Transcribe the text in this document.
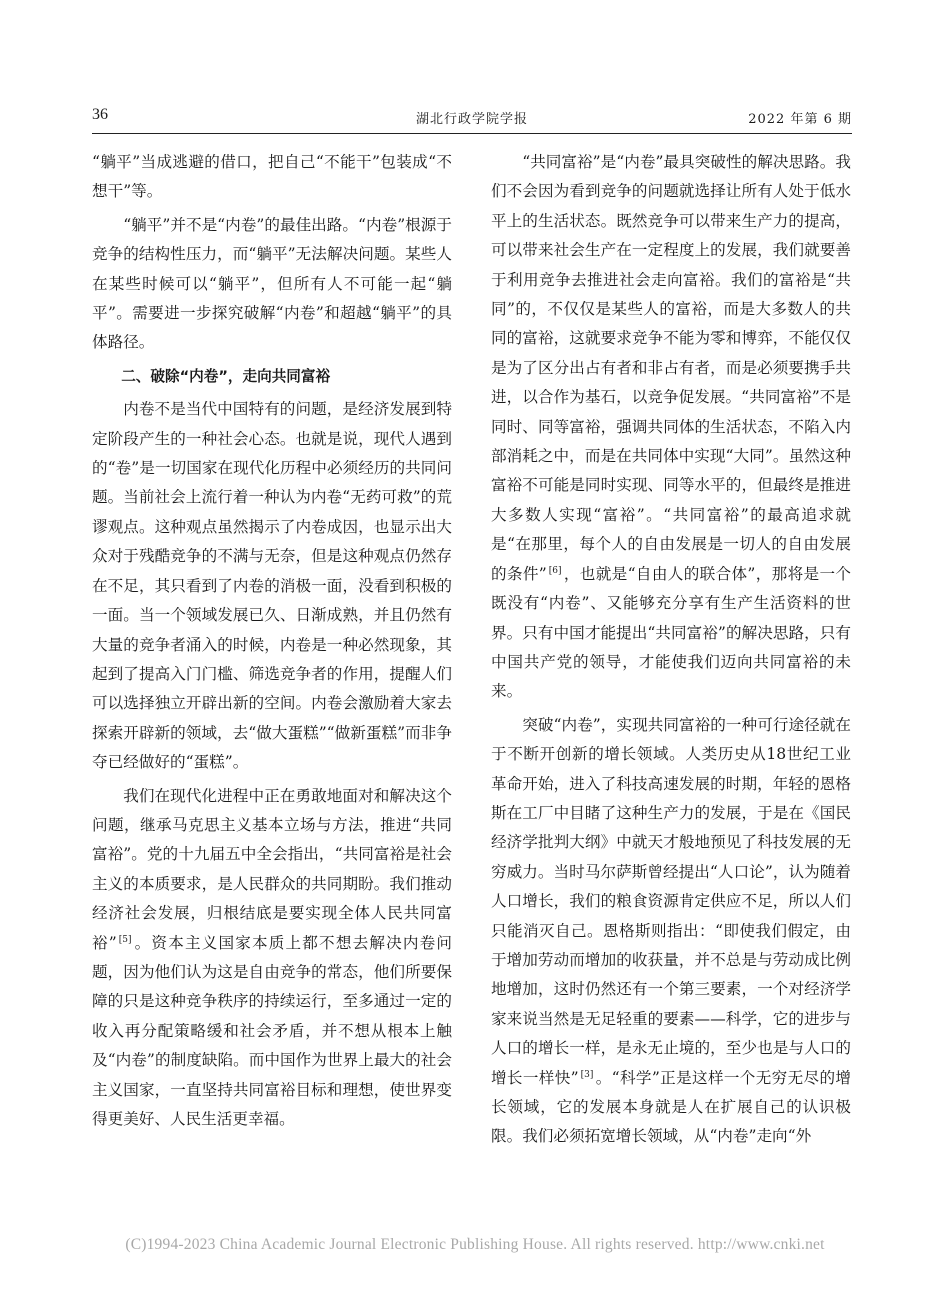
36	湖北行政学院学报	2022 年第 6 期

“躺平”当成逃避的借口，把自己“不能干”包装成“不想干”等。

“躺平”并不是“内卷”的最佳出路。“内卷”根源于竞争的结构性压力，而“躺平”无法解决问题。某些人在某些时候可以“躺平”，但所有人不可能一起“躺平”。需要进一步探究破解“内卷”和超越“躺平”的具体路径。

二、破除“内卷”，走向共同富裕

内卷不是当代中国特有的问题，是经济发展到特定阶段产生的一种社会心态。也就是说，现代人遇到的“卷”是一切国家在现代化历程中必须经历的共同问题。当前社会上流行着一种认为内卷“无药可救”的荒谬观点。这种观点虽然揭示了内卷成因，也显示出大众对于残酷竞争的不满与无奈，但是这种观点仍然存在不足，其只看到了内卷的消极一面，没看到积极的一面。当一个领域发展已久、日渐成熟，并且仍然有大量的竞争者涌入的时候，内卷是一种必然现象，其起到了提高入门门槛、筛选竞争者的作用，提醒人们可以选择独立开辟出新的空间。内卷会激励着大家去探索开辟新的领域，去“做大蛋糕”“做新蛋糕”而非争夺已经做好的“蛋糕”。

我们在现代化进程中正在勇敢地面对和解决这个问题，继承马克思主义基本立场与方法，推进“共同富裕”。党的十九届五中全会指出，“共同富裕是社会主义的本质要求，是人民群众的共同期盼。我们推动经济社会发展，归根结底是要实现全体人民共同富裕” [5] 。资本主义国家本质上都不想去解决内卷问题，因为他们认为这是自由竞争的常态，他们所要保障的只是这种竞争秩序的持续运行，至多通过一定的收入再分配策略缓和社会矛盾，并不想从根本上触及“内卷”的制度缺陷。而中国作为世界上最大的社会主义国家，一直坚持共同富裕目标和理想，使世界变得更美好、人民生活更幸福。

“共同富裕”是“内卷”最具突破性的解决思路。我们不会因为看到竞争的问题就选择让所有人处于低水平上的生活状态。既然竞争可以带来生产力的提高，可以带来社会生产在一定程度上的发展，我们就要善于利用竞争去推进社会走向富裕。我们的富裕是“共同”的，不仅仅是某些人的富裕，而是大多数人的共同的富裕，这就要求竞争不能为零和博弈，不能仅仅是为了区分出占有者和非占有者，而是必须要携手共进，以合作为基石，以竞争促发展。“共同富裕”不是同时、同等富裕，强调共同体的生活状态，不陷入内部消耗之中，而是在共同体中实现“大同”。虽然这种富裕不可能是同时实现、同等水平的，但最终是推进大多数人实现“富裕”。“共同富裕”的最高追求就是“在那里，每个人的自由发展是一切人的自由发展的条件” [6] ，也就是“自由人的联合体”，那将是一个既没有“内卷”、又能够充分享有生产生活资料的世界。只有中国才能提出“共同富裕”的解决思路，只有中国共产党的领导，才能使我们迈向共同富裕的未来。

突破“内卷”，实现共同富裕的一种可行途径就在于不断开创新的增长领域。人类历史从18世纪工业革命开始，进入了科技高速发展的时期，年轻的恩格斯在工厂中目睹了这种生产力的发展，于是在《国民经济学批判大纲》中就天才般地预见了科技发展的无穷威力。当时马尔萨斯曾经提出“人口论”，认为随着人口增长，我们的粮食资源肯定供应不足，所以人们只能消灭自己。恩格斯则指出：“即使我们假定，由于增加劳动而增加的收获量，并不总是与劳动成比例地增加，这时仍然还有一个第三要素，一个对经济学家来说当然是无足轻重的要素——科学，它的进步与人口的增长一样，是永无止境的，至少也是与人口的增长一样快” [3] 。“科学”正是这样一个无穷无尽的增长领域，它的发展本身就是人在扩展自己的认识极限。我们必须拓宽增长领域，从“内卷”走向“外

(C)1994-2023 China Academic Journal Electronic Publishing House. All rights reserved. http://www.cnki.net
